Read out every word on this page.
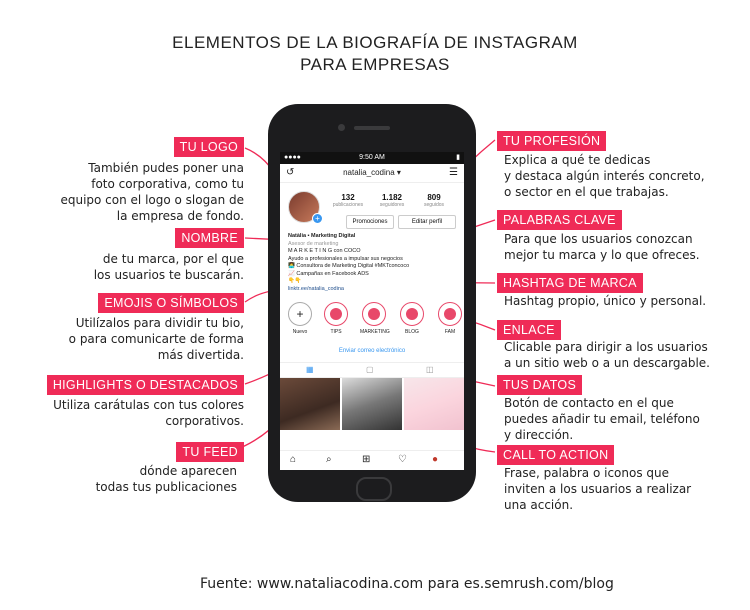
ELEMENTOS DE LA BIOGRAFÍA DE INSTAGRAM
PARA EMPRESAS
TU LOGO
También pudes poner una
foto corporativa, como tu
equipo con el logo o slogan de
la empresa de fondo.
NOMBRE
de tu marca, por el que
los usuarios te buscarán.
EMOJIS O SÍMBOLOS
Utilízalos para dividir tu bio,
o para comunicarte de forma
más divertida.
HIGHLIGHTS O DESTACADOS
Utiliza carátulas con tus colores
corporativos.
TU FEED
dónde aparecen
todas tus publicaciones
TU PROFESIÓN
Explica a qué te dedicas
y destaca algún interés concreto,
o sector en el que trabajas.
PALABRAS CLAVE
Para que los usuarios conozcan
mejor tu marca y lo que ofreces.
HASHTAG DE MARCA
Hashtag propio, único y personal.
ENLACE
Clicable para dirigir a los usuarios
a un sitio web o a un descargable.
TUS DATOS
Botón de contacto en el que
puedes añadir tu email, teléfono
y dirección.
CALL TO ACTION
Frase, palabra o iconos que
inviten a los usuarios a realizar
una acción.
●●●●	9:50 AM	▮
↺	natalia_codina ▾	☰
+
132
publicaciones
1.182
seguidores
809
seguidos
Promociones	Editar perfil
Natàlia ▪ Marketing Digital
Asesor de marketing
M A R K E T I N G con COCO
Ayudo a profesionales a impulsar sus negocios
👩‍💻 Consultora de Marketing Digital #MKTconcoco
📈 Campañas en Facebook ADS
👇👇
linktr.ee/natalia_codina
+
Nuevo	TIPS	MARKETING	BLOG	FAM
Enviar correo electrónico
▦	▢	◫
⌂	⌕	⊞	♡	●
Fuente: www.nataliacodina.com para es.semrush.com/blog
